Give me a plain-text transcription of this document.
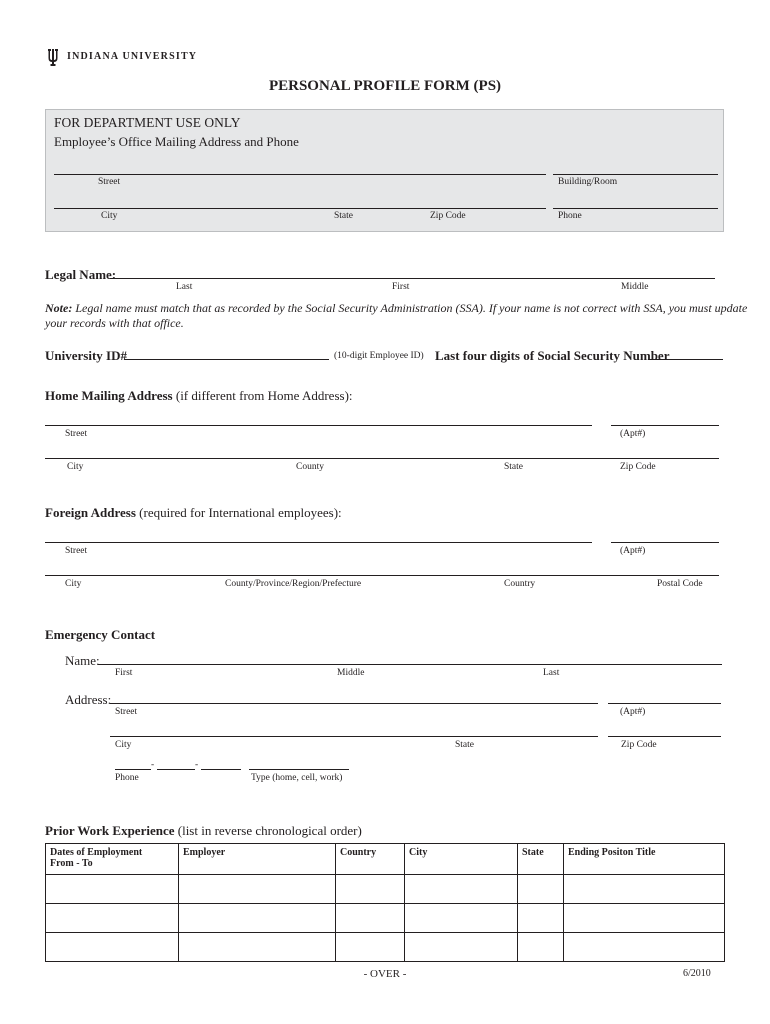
INDIANA UNIVERSITY
PERSONAL PROFILE FORM (PS)
FOR DEPARTMENT USE ONLY
Employee’s Office Mailing Address and Phone
Street	Building/Room
City	State	Zip Code	Phone
Legal Name:
Last	First	Middle
Note: Legal name must match that as recorded by the Social Security Administration (SSA). If your name is not correct with SSA, you must update
your records with that office.
University ID#	(10-digit Employee ID) Last four digits of Social Security Number
Home Mailing Address (if different from Home Address):
Street	(Apt#)
City	County	State	Zip Code
Foreign Address (required for International employees):
Street	(Apt#)
City	County/Province/Region/Prefecture	Country	Postal Code
Emergency Contact
Name:
First	Middle	Last
Address:
Street	(Apt#)
City	State	Zip Code
-	-
Phone	Type (home, cell, work)
Prior Work Experience (list in reverse chronological order)
Dates of Employment
From - To	Employer	Country	City	State	Ending Positon Title

- OVER -	6/2010
